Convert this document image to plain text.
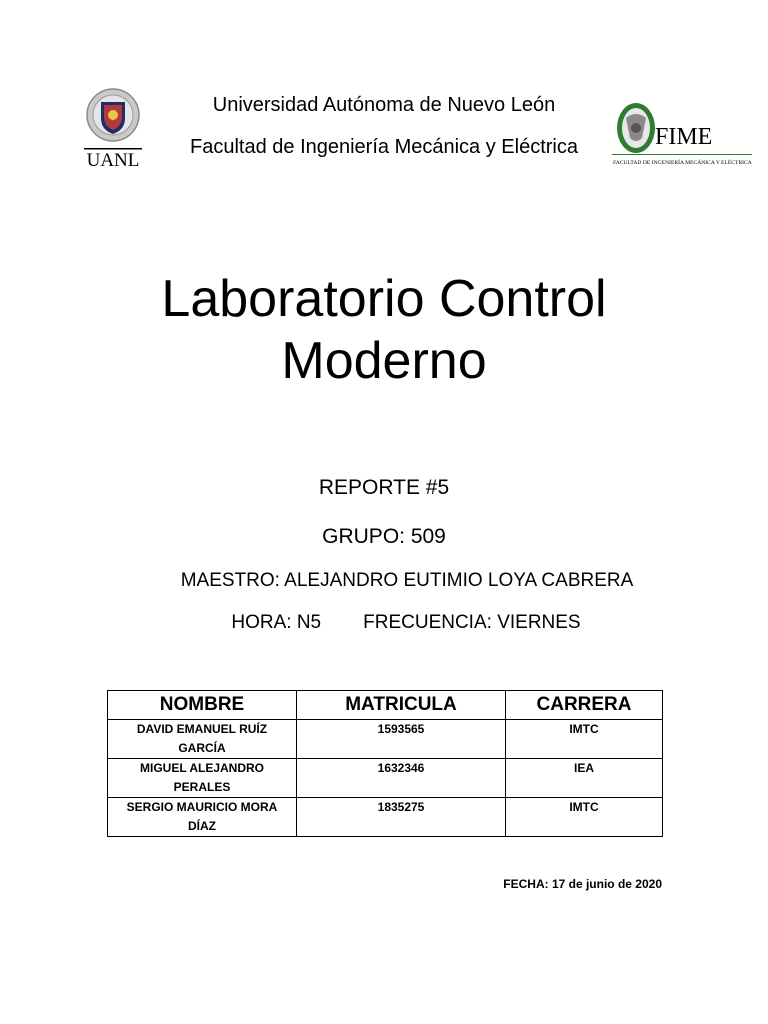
UANL
Universidad Autónoma de Nuevo León
Facultad de Ingeniería Mecánica y Eléctrica	FIME
FACULTAD DE INGENIERÍA MECÁNICA Y ELÉCTRICA
Laboratorio Control
Moderno
REPORTE #5
GRUPO: 509
MAESTRO: ALEJANDRO EUTIMIO LOYA CABRERA
HORA: N5 FRECUENCIA: VIERNES
NOMBRE	MATRICULA	CARRERA
DAVID EMANUEL RUÍZ GARCÍA	1593565	IMTC
MIGUEL ALEJANDRO PERALES	1632346	IEA
SERGIO MAURICIO MORA DÍAZ	1835275	IMTC
FECHA: 17 de junio de 2020
